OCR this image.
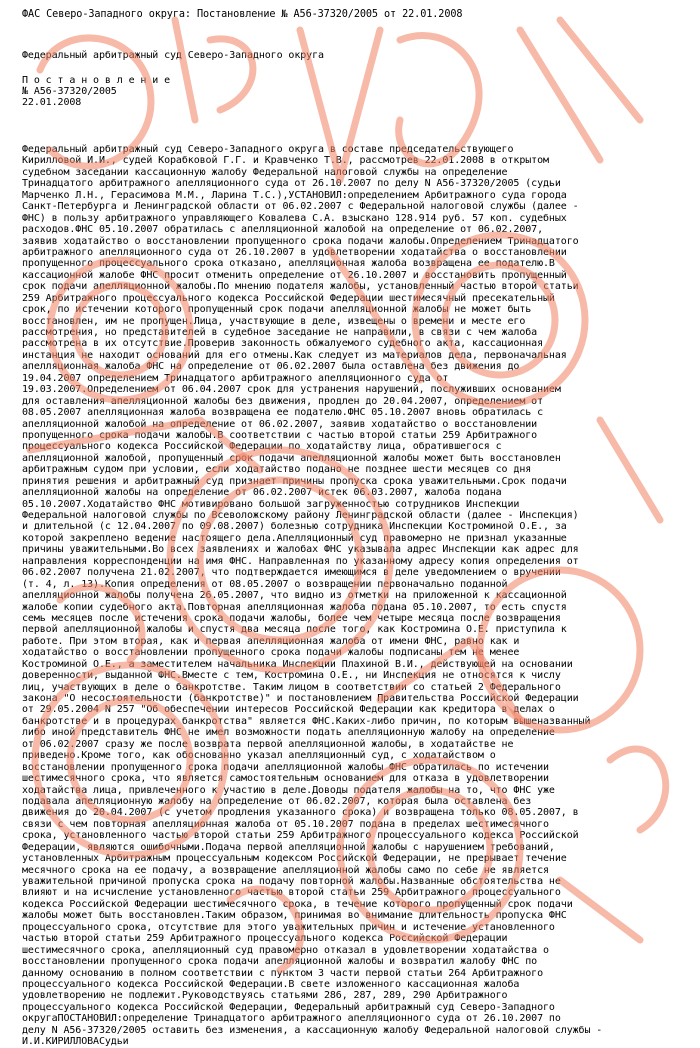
ФАС Северо-Западного округа: Постановление № А56-37320/2005 от 22.01.2008
Федеральный арбитражный суд Северо-Западного округа
П о с т а н о в л е н и е
№ А56-37320/2005
22.01.2008
Федеральный арбитражный суд Северо-Западного округа в составе председательствующего
Кирилловой И.И., судей Корабковой Г.Г. и Кравченко Т.В., рассмотрев 22.01.2008 в открытом
судебном заседании кассационную жалобу Федеральной налоговой службы на определение
Тринадцатого арбитражного апелляционного суда от 26.10.2007 по делу N А56-37320/2005 (судьи
Марченко Л.Н., Герасимова М.М., Ларина Т.С.),УСТАНОВИЛ:определением Арбитражного суда города
Санкт-Петербурга и Ленинградской области от 06.02.2007 с Федеральной налоговой службы (далее -
ФНС) в пользу арбитражного управляющего Ковалева С.А. взыскано 128.914 руб. 57 коп. судебных
расходов.ФНС 05.10.2007 обратилась с апелляционной жалобой на определение от 06.02.2007,
заявив ходатайство о восстановлении пропущенного срока подачи жалобы.Определением Тринадцатого
арбитражного апелляционного суда от 26.10.2007 в удовлетворении ходатайства о восстановлении
пропущенного процессуального срока отказано, апелляционная жалоба возвращена ее подателю.В
кассационной жалобе ФНС просит отменить определение от 26.10.2007 и восстановить пропущенный
срок подачи апелляционной жалобы.По мнению подателя жалобы, установленный частью второй статьи
259 Арбитражного процессуального кодекса Российской Федерации шестимесячный пресекательный
срок, по истечении которого пропущенный срок подачи апелляционной жалобы не может быть
восстановлен, им не пропущен.Лица, участвующие в деле, извещены о времени и месте его
рассмотрения, но представителей в судебное заседание не направили, в связи с чем жалоба
рассмотрена в их отсутствие.Проверив законность обжалуемого судебного акта, кассационная
инстанция не находит оснований для его отмены.Как следует из материалов дела, первоначальная
апелляционная жалоба ФНС на определение от 06.02.2007 была оставлена без движения до
19.04.2007 определением Тринадцатого арбитражного апелляционного суда от
19.03.2007.Определением от 06.04.2007 срок для устранения нарушений, послуживших основанием
для оставления апелляционной жалобы без движения, продлен до 20.04.2007, определением от
08.05.2007 апелляционная жалоба возвращена ее подателю.ФНС 05.10.2007 вновь обратилась с
апелляционной жалобой на определение от 06.02.2007, заявив ходатайство о восстановлении
пропущенного срока подачи жалобы.В соответствии с частью второй статьи 259 Арбитражного
процессуального кодекса Российской Федерации по ходатайству лица, обратившегося с
апелляционной жалобой, пропущенный срок подачи апелляционной жалобы может быть восстановлен
арбитражным судом при условии, если ходатайство подано не позднее шести месяцев со дня
принятия решения и арбитражный суд признает причины пропуска срока уважительными.Срок подачи
апелляционной жалобы на определение от 06.02.2007 истек 06.03.2007, жалоба подана
05.10.2007.Ходатайство ФНС мотивировано большой загруженностью сотрудников Инспекции
Федеральной налоговой службы по Всеволожскому району Ленинградской области (далее - Инспекция)
и длительной (с 12.04.2007 по 09.08.2007) болезнью сотрудника Инспекции Костроминой О.Е., за
которой закреплено ведение настоящего дела.Апелляционный суд правомерно не признал указанные
причины уважительными.Во всех заявлениях и жалобах ФНС указывала адрес Инспекции как адрес для
направления корреспонденции на имя ФНС. Направленная по указанному адресу копия определения от
06.02.2007 получена 21.02.2007, что подтверждается имеющимся в деле уведомлением о вручении
(т. 4, л. 13).Копия определения от 08.05.2007 о возвращении первоначально поданной
апелляционной жалобы получена 26.05.2007, что видно из отметки на приложенной к кассационной
жалобе копии судебного акта.Повторная апелляционная жалоба подана 05.10.2007, то есть спустя
семь месяцев после истечения срока подачи жалобы, более чем четыре месяца после возвращения
первой апелляционной жалобы и спустя два месяца после того, как Костромина О.Е. приступила к
работе. При этом вторая, как и первая апелляционная жалоба от имени ФНС, равно как и
ходатайство о восстановлении пропущенного срока подачи жалобы подписаны тем не менее
Костроминой О.Е., а заместителем начальника Инспекции Плахиной В.И., действующей на основании
доверенности, выданной ФНС.Вместе с тем, Костромина О.Е., ни Инспекция не относятся к числу
лиц, участвующих в деле о банкротстве. Таким лицом в соответствии со статьей 2 Федерального
закона "О несостоятельности (банкротстве)" и постановлением Правительства Российской Федерации
от 29.05.2004 N 257 "Об обеспечении интересов Российской Федерации как кредитора в делах о
банкротстве и в процедурах банкротства" является ФНС.Каких-либо причин, по которым вышеназванный
либо иной представитель ФНС не имел возможности подать апелляционную жалобу на определение
от 06.02.2007 сразу же после возврата первой апелляционной жалобы, в ходатайстве не
приведено.Кроме того, как обоснованно указал апелляционный суд, с ходатайством о
восстановлении пропущенного срока подачи апелляционной жалобы ФНС обратилась по истечении
шестимесячного срока, что является самостоятельным основанием для отказа в удовлетворении
ходатайства лица, привлеченного к участию в деле.Доводы подателя жалобы на то, что ФНС уже
подавала апелляционную жалобу на определение от 06.02.2007, которая была оставлена без
движения до 20.04.2007 (с учетом продления указанного срока) и возвращена только 08.05.2007, в
связи с чем повторная апелляционная жалоба от 05.10.2007 подана в пределах шестимесячного
срока, установленного частью второй статьи 259 Арбитражного процессуального кодекса Российской
Федерации, являются ошибочными.Подача первой апелляционной жалобы с нарушением требований,
установленных Арбитражным процессуальным кодексом Российской Федерации, не прерывает течение
месячного срока на ее подачу, а возвращение апелляционной жалобы само по себе не является
уважительной причиной пропуска срока на подачу повторной жалобы.Названные обстоятельства не
влияют и на исчисление установленного частью второй статьи 259 Арбитражного процессуального
кодекса Российской Федерации шестимесячного срока, в течение которого пропущенный срок подачи
жалобы может быть восстановлен.Таким образом, принимая во внимание длительность пропуска ФНС
процессуального срока, отсутствие для этого уважительных причин и истечение установленного
частью второй статьи 259 Арбитражного процессуального кодекса Российской Федерации
шестимесячного срока, апелляционный суд правомерно отказал в удовлетворении ходатайства о
восстановлении пропущенного срока подачи апелляционной жалобы и возвратил жалобу ФНС по
данному основанию в полном соответствии с пунктом 3 части первой статьи 264 Арбитражного
процессуального кодекса Российской Федерации.В свете изложенного кассационная жалоба
удовлетворению не подлежит.Руководствуясь статьями 286, 287, 289, 290 Арбитражного
процессуального кодекса Российской Федерации, Федеральный арбитражный суд Северо-Западного
округаПОСТАНОВИЛ:определение Тринадцатого арбитражного апелляционного суда от 26.10.2007 по
делу N А56-37320/2005 оставить без изменения, а кассационную жалобу Федеральной налоговой службы -
И.И.КИРИЛЛОВАСудьи
